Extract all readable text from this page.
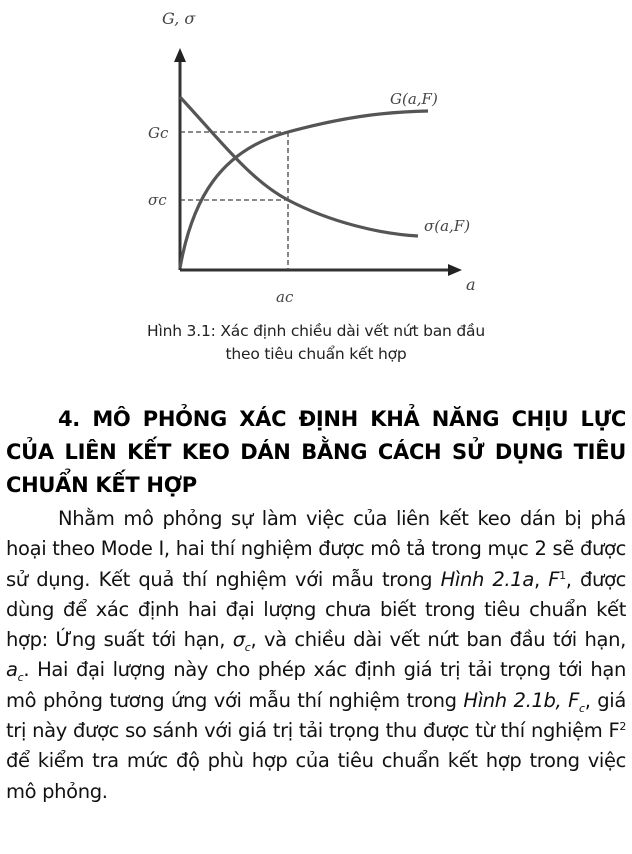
G, σ
a
Gc
σc
ac
G(a,F)
σ(a,F)
Hình 3.1: Xác định chiều dài vết nứt ban đầu
theo tiêu chuẩn kết hợp
4. MÔ PHỎNG XÁC ĐỊNH KHẢ NĂNG CHỊU LỰC CỦA LIÊN KẾT KEO DÁN BẰNG CÁCH SỬ DỤNG TIÊU CHUẨN KẾT HỢP
Nhằm mô phỏng sự làm việc của liên kết keo dán bị phá hoại theo Mode I, hai thí nghiệm được mô tả trong mục 2 sẽ được sử dụng. Kết quả thí nghiệm với mẫu trong Hình 2.1a, $F^1$, được dùng để xác định hai đại lượng chưa biết trong tiêu chuẩn kết hợp: Ứng suất tới hạn, $\sigma_c$, và chiều dài vết nứt ban đầu tới hạn, $a_c$. Hai đại lượng này cho phép xác định giá trị tải trọng tới hạn mô phỏng tương ứng với mẫu thí nghiệm trong Hình 2.1b, $F_c$, giá trị này được so sánh với giá trị tải trọng thu được từ thí nghiệm $F^2$ để kiểm tra mức độ phù hợp của tiêu chuẩn kết hợp trong việc mô phỏng.
